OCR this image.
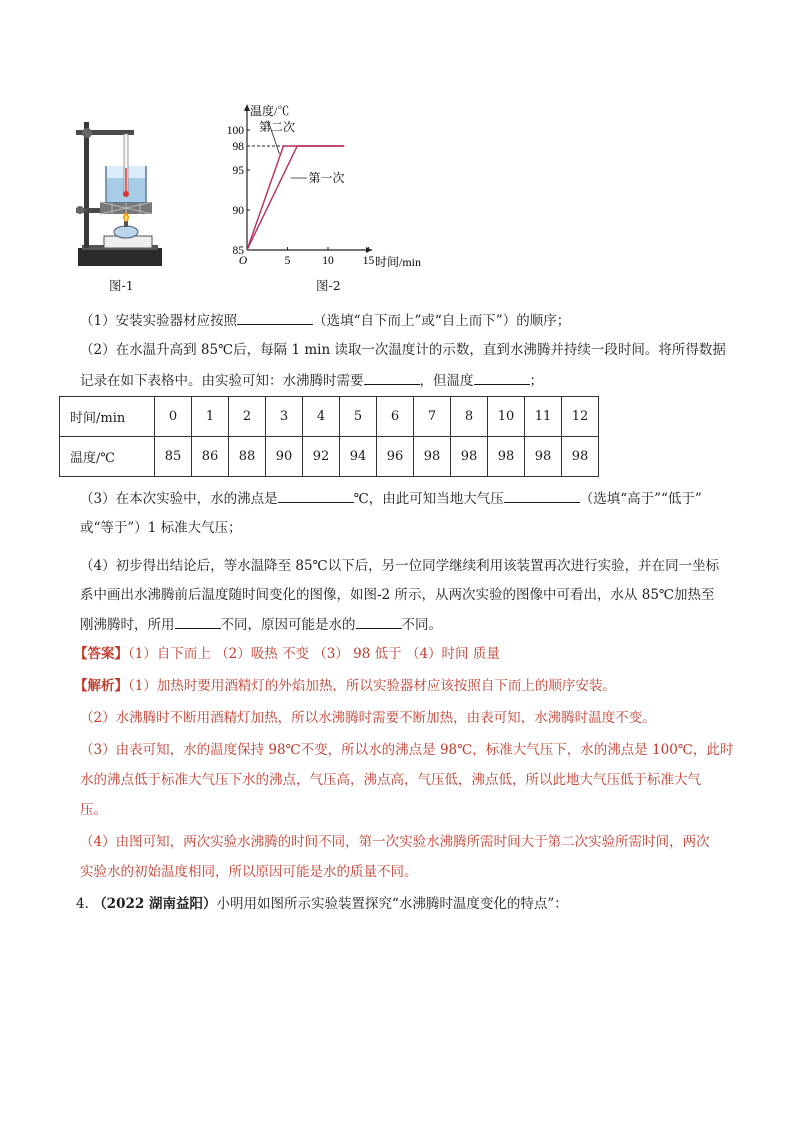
图-1
温度/℃
时间/min
100
98
95
90
85
O	5	10	15
第二次
第一次
图-2
（1）安装实验器材应按照	（选填“自下而上”或“自上而下”）的顺序；
（2）在水温升高到 85℃后，每隔 1 min 读取一次温度计的示数，直到水沸腾并持续一段时间。将所得数据
记录在如下表格中。由实验可知：水沸腾时需要	，但温度	；
时间/min	0	1	2	3	4	5	6	7	8	10	11	12
温度/℃	85	86	88	90	92	94	96	98	98	98	98	98
（3）在本次实验中，水的沸点是	℃，由此可知当地大气压	（选填“高于”“低于”
或“等于”）1 标准大气压；
（4）初步得出结论后，等水温降至 85℃以下后，另一位同学继续利用该装置再次进行实验，并在同一坐标
系中画出水沸腾前后温度随时间变化的图像，如图-2 所示，从两次实验的图像中可看出，水从 85℃加热至
刚沸腾时，所用	不同，原因可能是水的	不同。
【答案】（1）自下而上 （2）吸热 不变 （3） 98 低于 （4）时间 质量
【解析】（1）加热时要用酒精灯的外焰加热，所以实验器材应该按照自下而上的顺序安装。
（2）水沸腾时不断用酒精灯加热，所以水沸腾时需要不断加热，由表可知，水沸腾时温度不变。
（3）由表可知，水的温度保持 98℃不变，所以水的沸点是 98℃，标准大气压下，水的沸点是 100℃，此时
水的沸点低于标准大气压下水的沸点，气压高，沸点高，气压低，沸点低，所以此地大气压低于标准大气
压。
（4）由图可知，两次实验水沸腾的时间不同，第一次实验水沸腾所需时间大于第二次实验所需时间，两次
实验水的初始温度相同，所以原因可能是水的质量不同。
4. （2022 湖南益阳）小明用如图所示实验装置探究“水沸腾时温度变化的特点”：
